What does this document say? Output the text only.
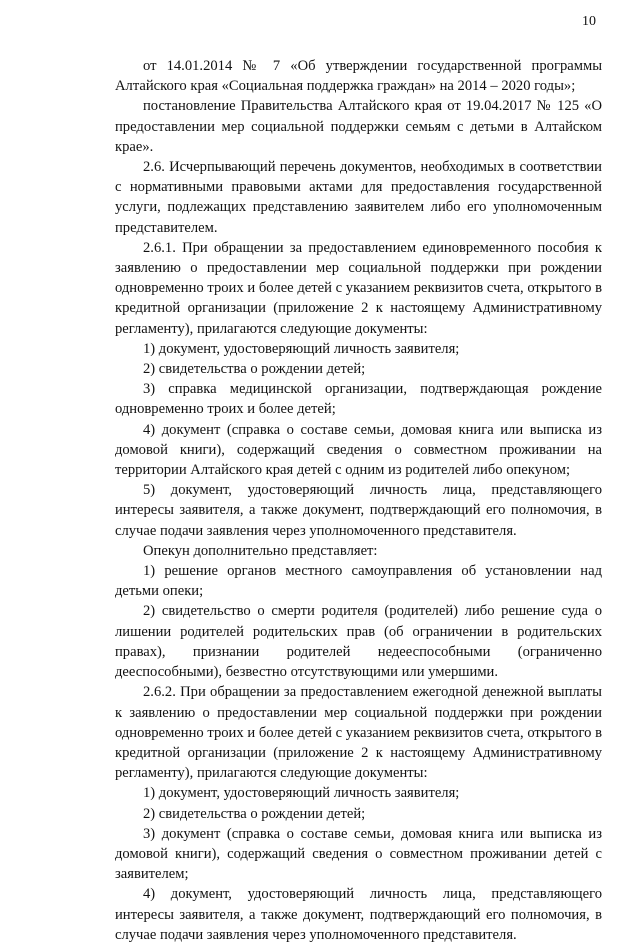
10

от 14.01.2014 № 7 «Об утверждении государственной программы Алтайского края «Социальная поддержка граждан» на 2014 – 2020 годы»;

постановление Правительства Алтайского края от 19.04.2017 № 125 «О предоставлении мер социальной поддержки семьям с детьми в Алтайском крае».

2.6. Исчерпывающий перечень документов, необходимых в соответствии с нормативными правовыми актами для предоставления государственной услуги, подлежащих представлению заявителем либо его уполномоченным представителем.

2.6.1. При обращении за предоставлением единовременного пособия к заявлению о предоставлении мер социальной поддержки при рождении одновременно троих и более детей с указанием реквизитов счета, открытого в кредитной организации (приложение 2 к настоящему Административному регламенту), прилагаются следующие документы:

1) документ, удостоверяющий личность заявителя;

2) свидетельства о рождении детей;

3) справка медицинской организации, подтверждающая рождение одновременно троих и более детей;

4) документ (справка о составе семьи, домовая книга или выписка из домовой книги), содержащий сведения о совместном проживании на территории Алтайского края детей с одним из родителей либо опекуном;

5) документ, удостоверяющий личность лица, представляющего интересы заявителя, а также документ, подтверждающий его полномочия, в случае подачи заявления через уполномоченного представителя.

Опекун дополнительно представляет:

1) решение органов местного самоуправления об установлении над детьми опеки;

2) свидетельство о смерти родителя (родителей) либо решение суда о лишении родителей родительских прав (об ограничении в родительских правах), признании родителей недееспособными (ограниченно дееспособными), безвестно отсутствующими или умершими.

2.6.2. При обращении за предоставлением ежегодной денежной выплаты к заявлению о предоставлении мер социальной поддержки при рождении одновременно троих и более детей с указанием реквизитов счета, открытого в кредитной организации (приложение 2 к настоящему Административному регламенту), прилагаются следующие документы:

1) документ, удостоверяющий личность заявителя;

2) свидетельства о рождении детей;

3) документ (справка о составе семьи, домовая книга или выписка из домовой книги), содержащий сведения о совместном проживании детей с заявителем;

4) документ, удостоверяющий личность лица, представляющего интересы заявителя, а также документ, подтверждающий его полномочия, в случае подачи заявления через уполномоченного представителя.
